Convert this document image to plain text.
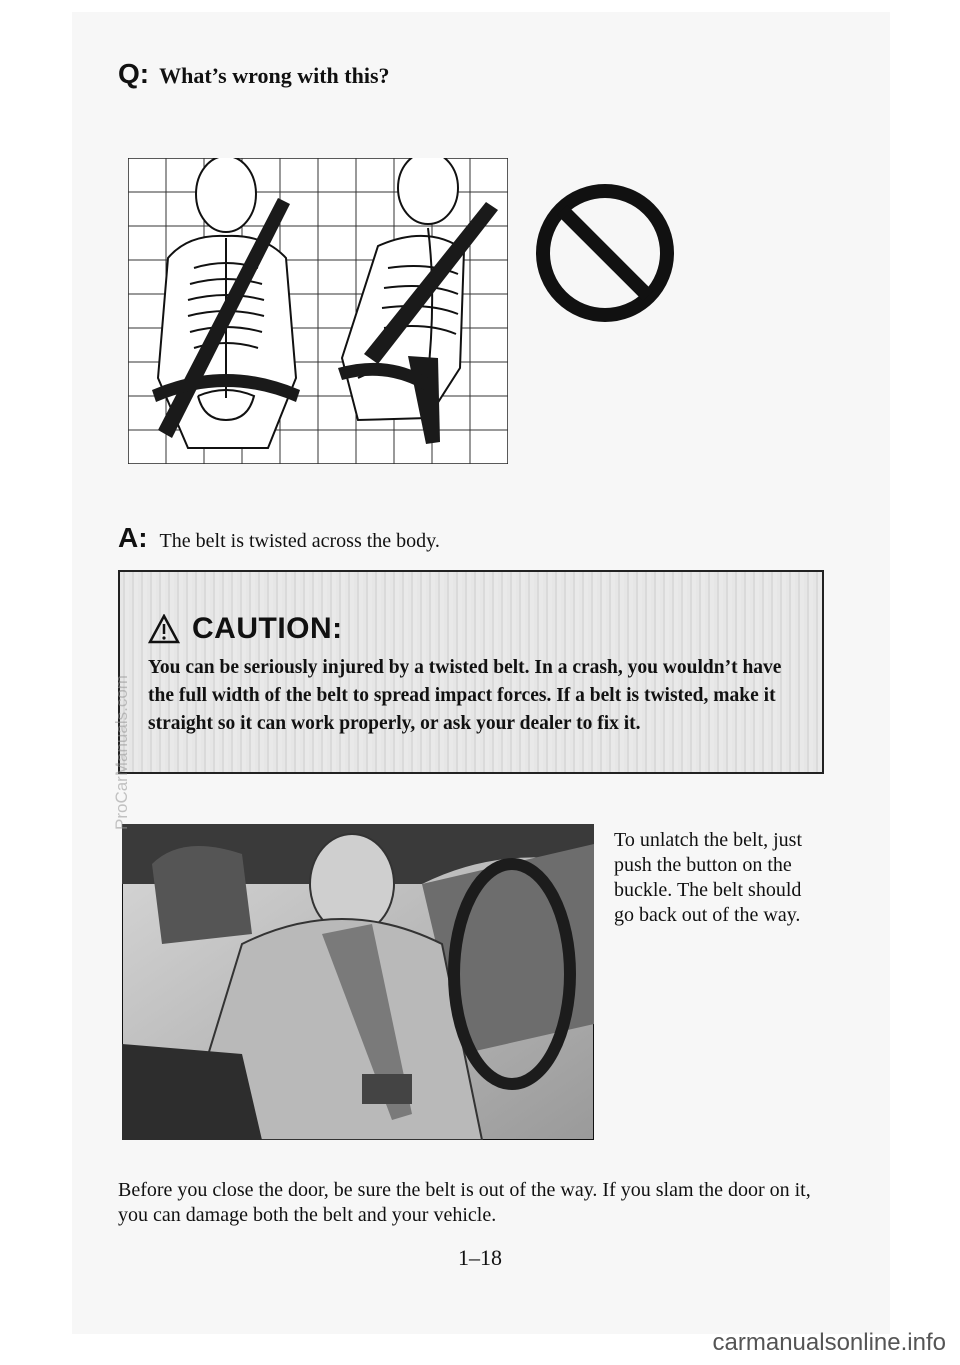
Q: What’s wrong with this?
A: The belt is twisted across the body.
CAUTION:
You can be seriously injured by a twisted belt. In a crash, you wouldn’t have the full width of the belt to spread impact forces. If a belt is twisted, make it straight so it can work properly, or ask your dealer to fix it.
To unlatch the belt, just push the button on the buckle. The belt should go back out of the way.
Before you close the door, be sure the belt is out of the way. If you slam the door on it, you can damage both the belt and your vehicle.
1–18
ProCarManuals.com
carmanualsonline.info
